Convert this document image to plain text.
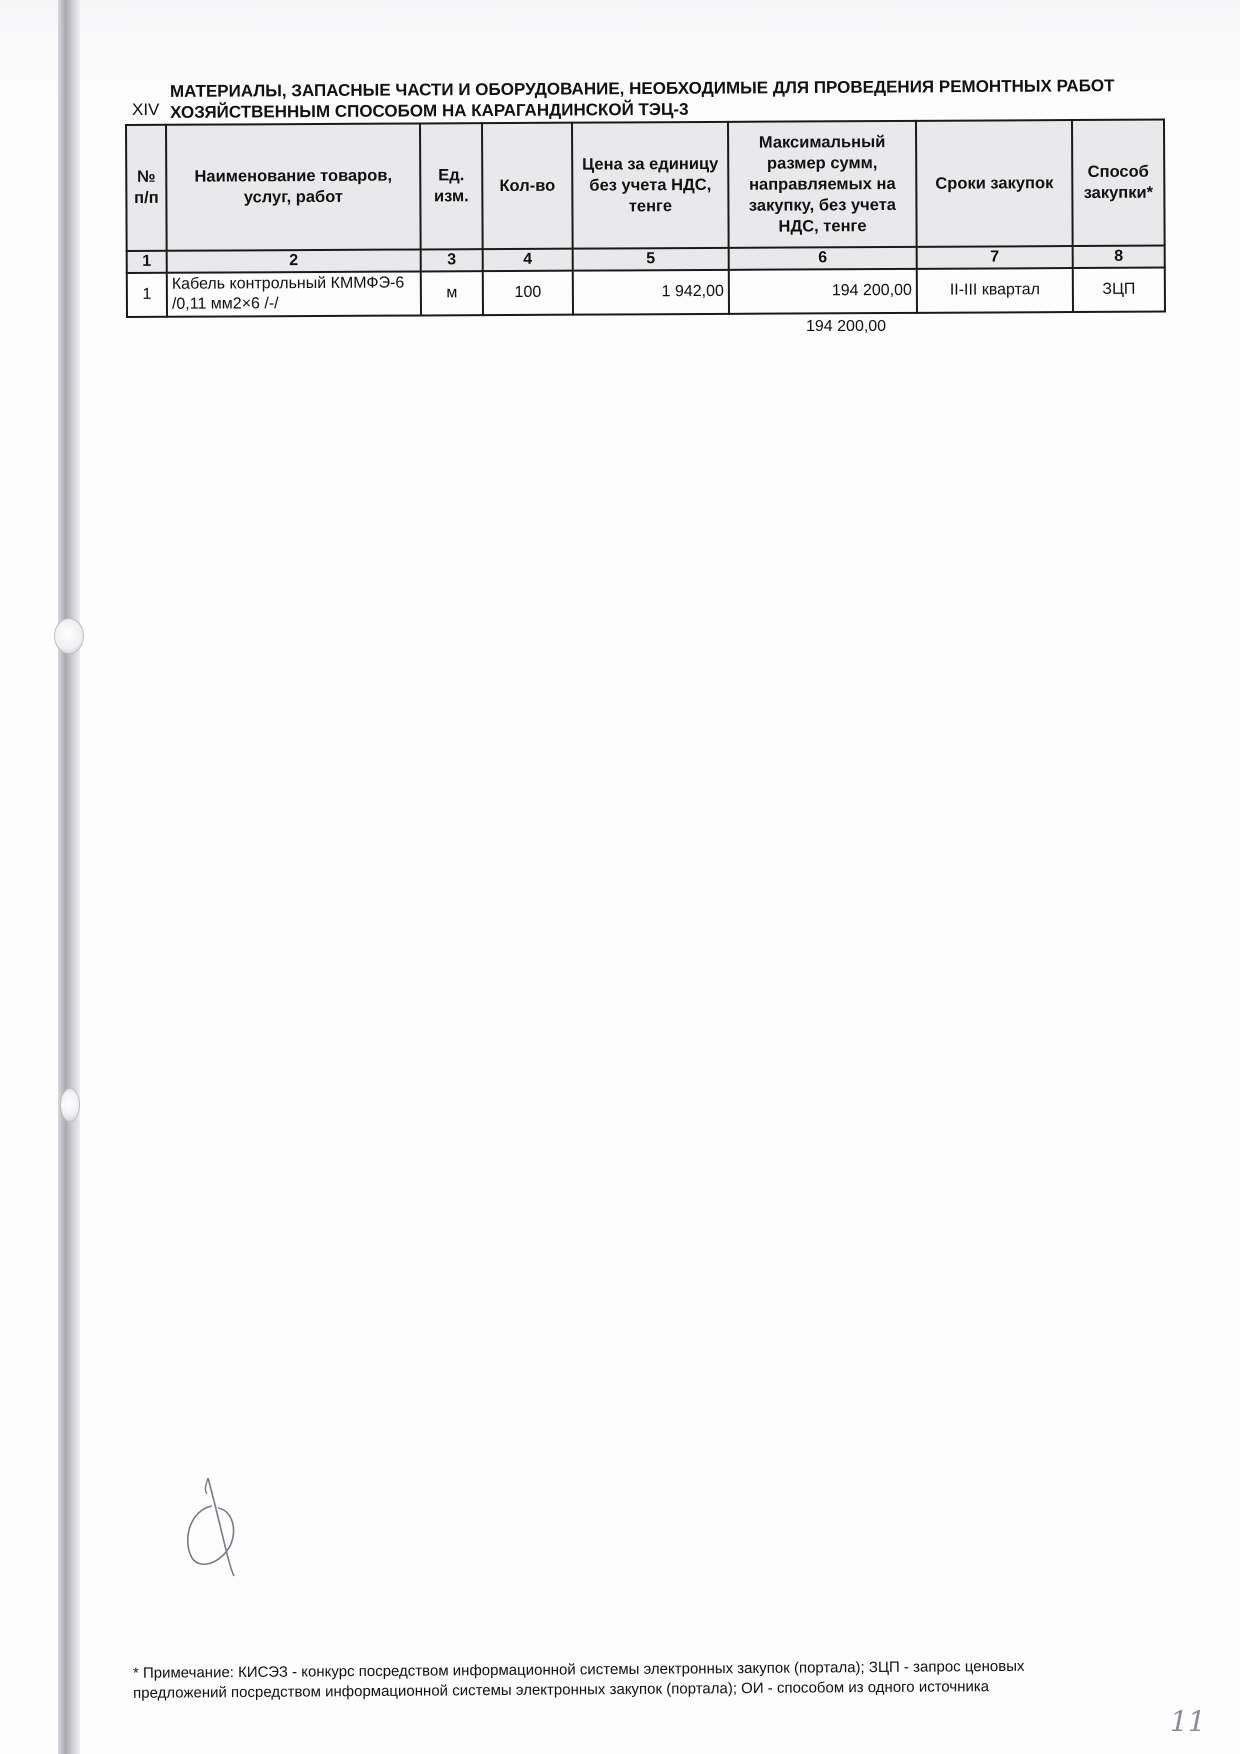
XIV
МАТЕРИАЛЫ, ЗАПАСНЫЕ ЧАСТИ И ОБОРУДОВАНИЕ, НЕОБХОДИМЫЕ ДЛЯ ПРОВЕДЕНИЯ РЕМОНТНЫХ РАБОТ ХОЗЯЙСТВЕННЫМ СПОСОБОМ НА КАРАГАНДИНСКОЙ ТЭЦ-3
№ п/п	Наименование товаров, услуг, работ	Ед. изм.	Кол-во	Цена за единицу без учета НДС, тенге	Максимальный размер сумм, направляемых на закупку, без учета НДС, тенге	Сроки закупок	Способ закупки*
1	2	3	4	5	6	7	8
1	Кабель контрольный КММФЭ-6 /0,11 мм2×6 /-/	м	100	1 942,00	194 200,00	II-III квартал	ЗЦП
194 200,00
* Примечание: КИСЭЗ - конкурс посредством информационной системы электронных закупок (портала); ЗЦП - запрос ценовых предложений посредством информационной системы электронных закупок (портала); ОИ - способом из одного источника
11
